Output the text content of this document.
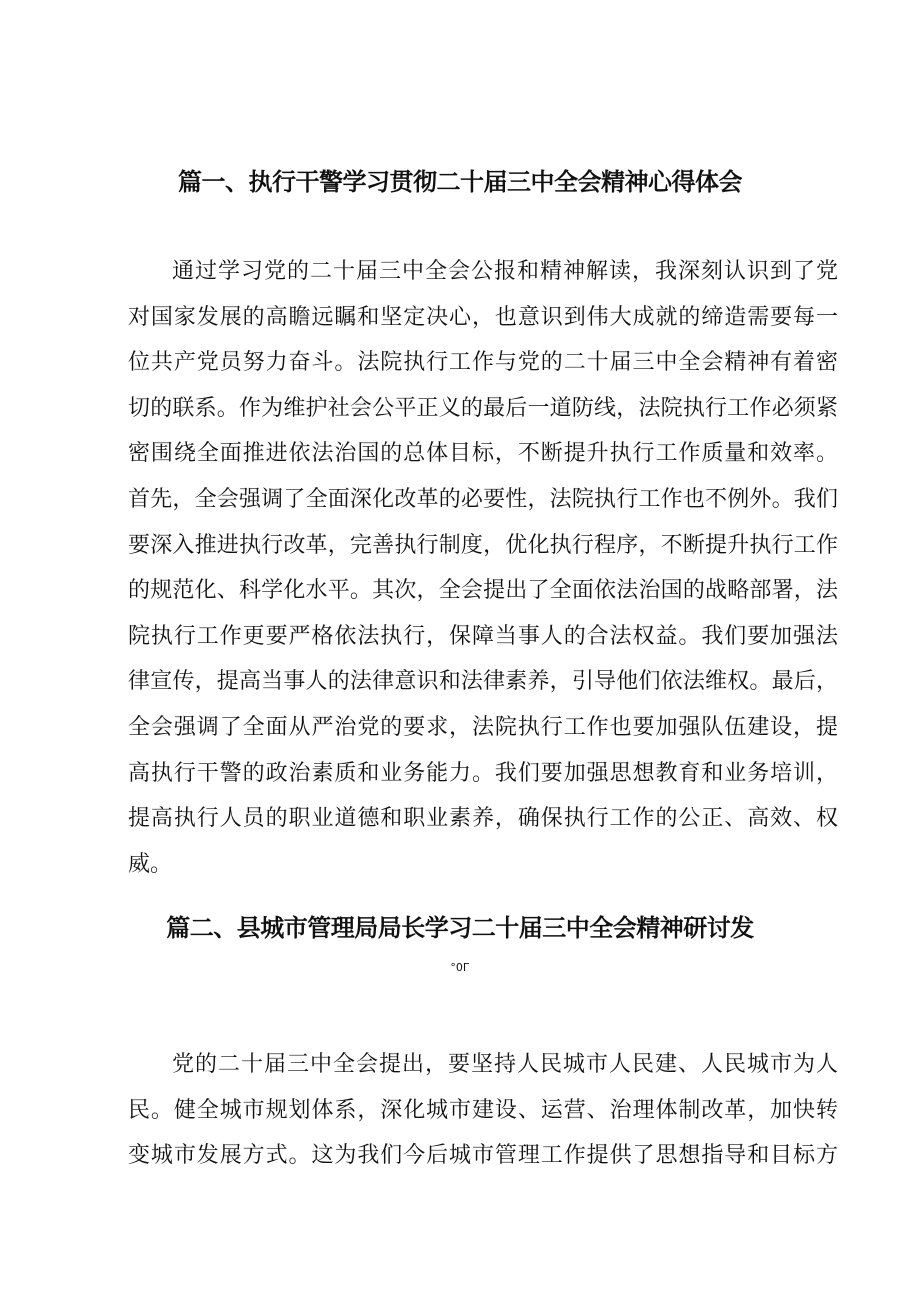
篇一、执行干警学习贯彻二十届三中全会精神心得体会
通过学习党的二十届三中全会公报和精神解读，我深刻认识到了党
对国家发展的高瞻远瞩和坚定决心，也意识到伟大成就的缔造需要每一
位共产党员努力奋斗。法院执行工作与党的二十届三中全会精神有着密
切的联系。作为维护社会公平正义的最后一道防线，法院执行工作必须紧
密围绕全面推进依法治国的总体目标，不断提升执行工作质量和效率。
首先，全会强调了全面深化改革的必要性，法院执行工作也不例外。我们
要深入推进执行改革，完善执行制度，优化执行程序，不断提升执行工作
的规范化、科学化水平。其次，全会提出了全面依法治国的战略部署，法
院执行工作更要严格依法执行，保障当事人的合法权益。我们要加强法
律宣传，提高当事人的法律意识和法律素养，引导他们依法维权。最后，
全会强调了全面从严治党的要求，法院执行工作也要加强队伍建设，提
高执行干警的政治素质和业务能力。我们要加强思想教育和业务培训，
提高执行人员的职业道德和职业素养，确保执行工作的公正、高效、权
威。
篇二、县城市管理局局长学习二十届三中全会精神研讨发
°0Г
党的二十届三中全会提出，要坚持人民城市人民建、人民城市为人
民。健全城市规划体系，深化城市建设、运营、治理体制改革，加快转
变城市发展方式。这为我们今后城市管理工作提供了思想指导和目标方
